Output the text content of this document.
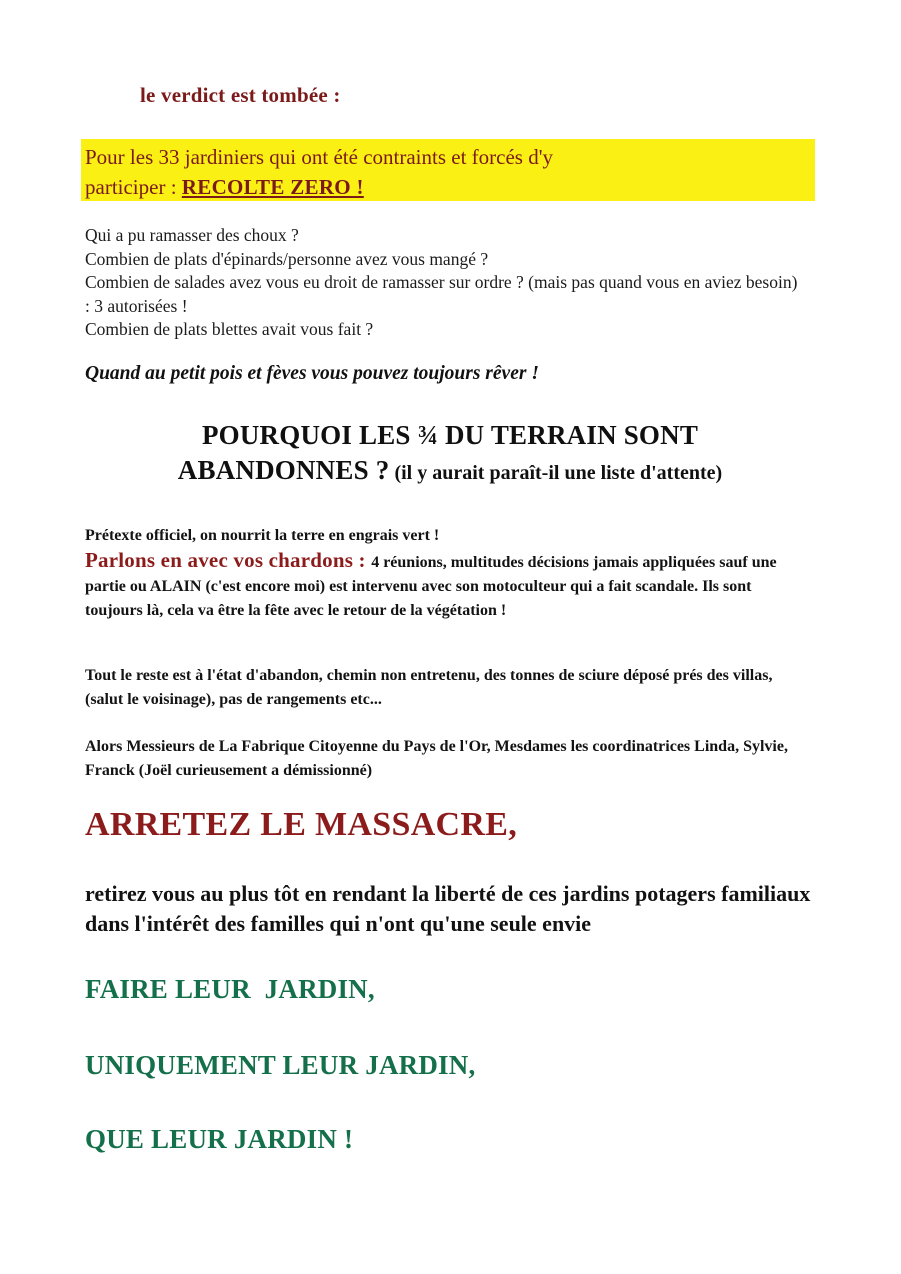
le verdict est tombée :
Pour les 33 jardiniers qui ont été contraints et forcés d'y
participer : RECOLTE ZERO !
Qui a pu ramasser des choux ?
Combien de plats d'épinards/personne avez vous mangé ?
Combien de salades avez vous eu droit de ramasser sur ordre ? (mais pas quand vous en aviez besoin) : 3 autorisées !
Combien de plats blettes avait vous fait ?
Quand au petit pois et fèves vous pouvez toujours rêver !
POURQUOI LES ¾ DU TERRAIN SONT
ABANDONNES ? (il y aurait paraît-il une liste d'attente)
Prétexte officiel, on nourrit la terre en engrais vert !
Parlons en avec vos chardons : 4 réunions, multitudes décisions jamais appliquées sauf une partie ou ALAIN (c'est encore moi) est intervenu avec son motoculteur qui a fait scandale. Ils sont toujours là, cela va être la fête avec le retour de la végétation !
Tout le reste est à l'état d'abandon, chemin non entretenu, des tonnes de sciure déposé prés des villas, (salut le voisinage), pas de rangements etc...
Alors Messieurs de La Fabrique Citoyenne du Pays de l'Or, Mesdames les coordinatrices Linda, Sylvie, Franck (Joël curieusement a démissionné)
ARRETEZ LE MASSACRE,
retirez vous au plus tôt en rendant la liberté de ces jardins potagers familiaux dans l'intérêt des familles qui n'ont qu'une seule envie
FAIRE LEUR  JARDIN,
UNIQUEMENT LEUR JARDIN,
QUE LEUR JARDIN !
